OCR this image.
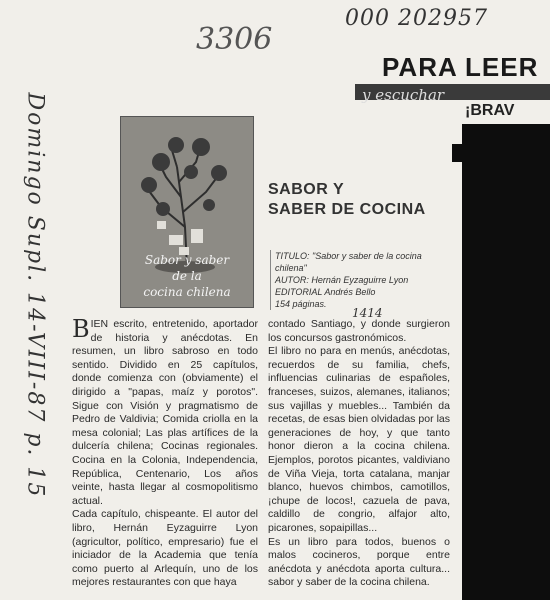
000 202957
3306
Domingo Supl. 14-VIII-87 p. 15	1414
PARA LEER
y escuchar
¡BRAV
Sabor y saber
de la
cocina chilena
SABOR Y
SABER DE COCINA
TITULO: "Sabor y saber de la cocina chilena"
AUTOR: Hernán Eyzaguirre Lyon
EDITORIAL Andrés Bello
154 páginas.

BIEN escrito, entretenido, aportador de historia y anécdotas. En resumen, un libro sabroso en todo sentido. Dividido en 25 capítulos, donde comienza con (obviamente) el dirigido a "papas, maíz y porotos". Sigue con Visión y pragmatismo de Pedro de Valdivia; Comida criolla en la mesa colonial; Las plas artífices de la dulcería chilena; Cocinas regionales. Cocina en la Colonia, Independencia, República, Centenario, Los años veinte, hasta llegar al cosmopolitismo actual.

Cada capítulo, chispeante. El autor del libro, Hernán Eyzaguirre Lyon (agricultor, político, empresario) fue el iniciador de la Academia que tenía como puerto al Arlequín, uno de los mejores restaurantes con que haya

contado Santiago, y donde surgieron los concursos gastronómicos.

El libro no para en menús, anécdotas, recuerdos de su familia, chefs, influencias culinarias de españoles, franceses, suizos, alemanes, italianos; sus vajillas y muebles... También da recetas, de esas bien olvidadas por las generaciones de hoy, y que tanto honor dieron a la cocina chilena. Ejemplos, porotos picantes, valdiviano de Viña Vieja, torta catalana, manjar blanco, huevos chimbos, camotillos, ¡chupe de locos!, cazuela de pava, caldillo de congrio, alfajor alto, picarones, sopaipillas...

Es un libro para todos, buenos o malos cocineros, porque entre anécdota y anécdota aporta cultura... sabor y saber de la cocina chilena.
